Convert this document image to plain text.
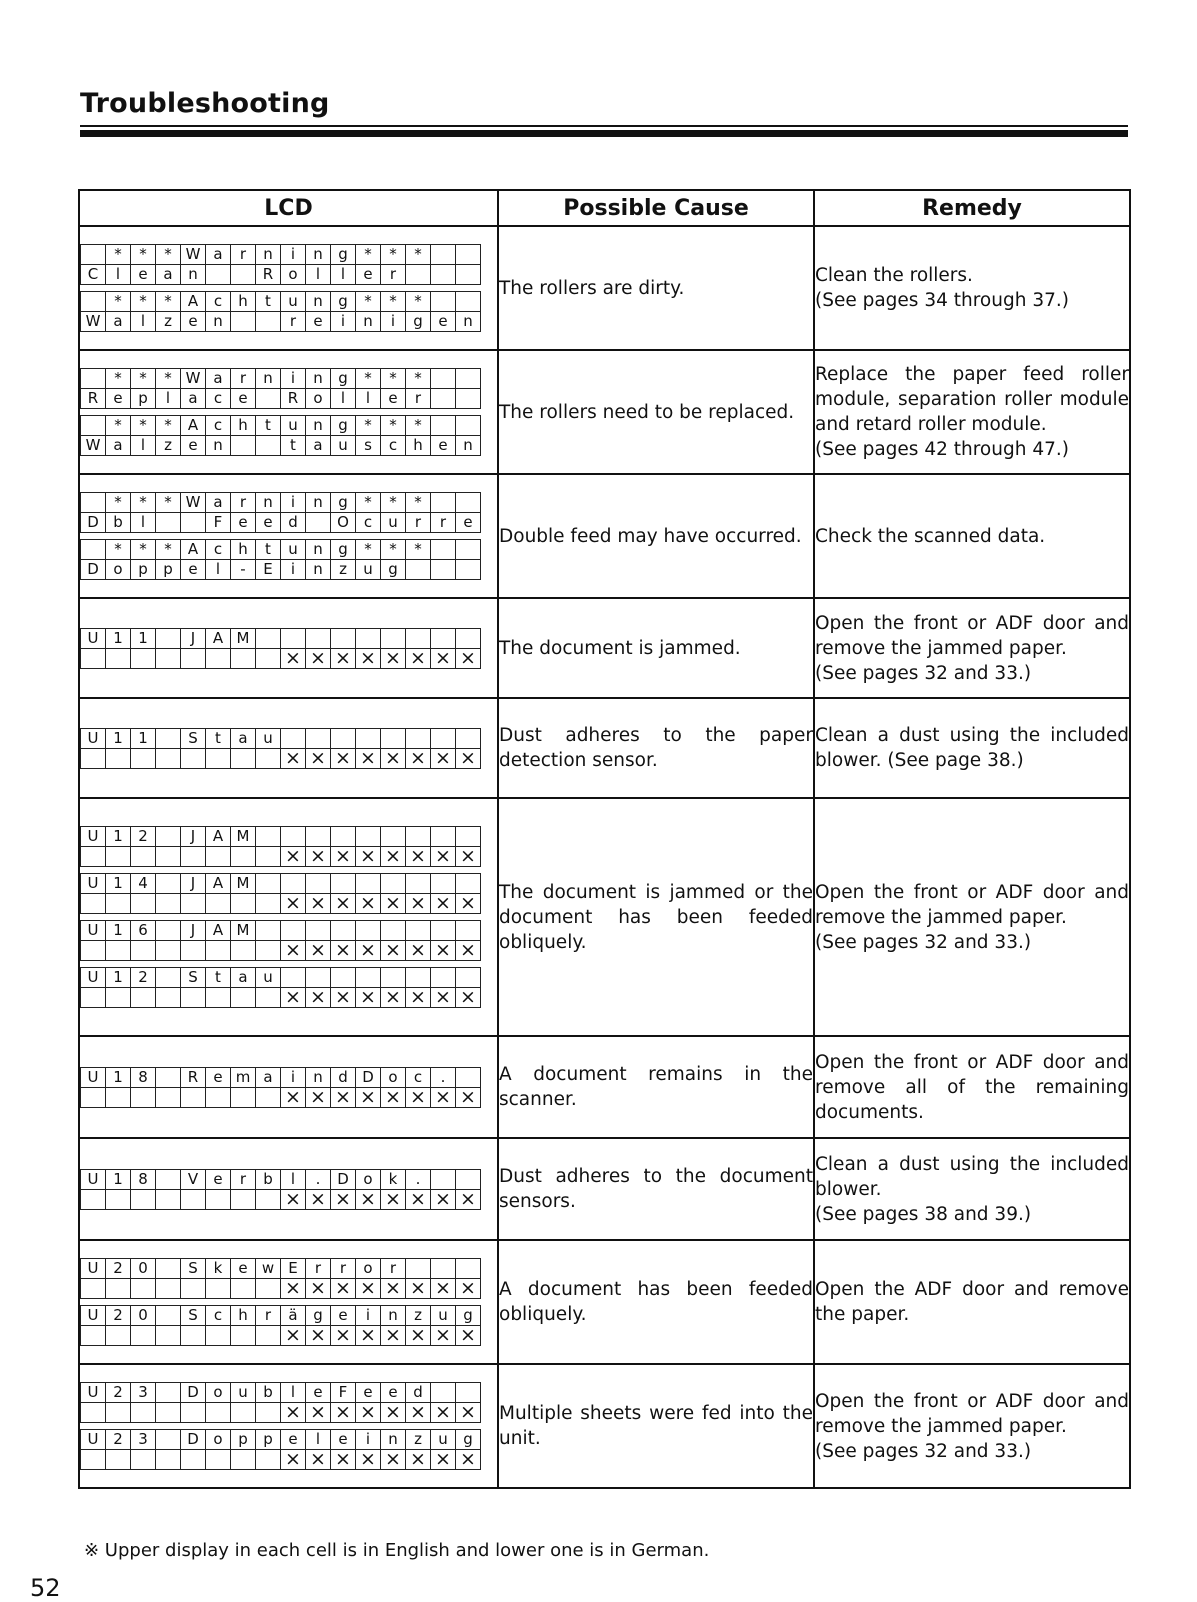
Troubleshooting
LCD	Possible Cause	Remedy

	*	*	*	W	a	r	n	i	n	g	*	*	*		
C	l	e	a	n			R	o	l	l	e	r			
	*	*	*	A	c	h	t	u	n	g	*	*	*		
W	a	l	z	e	n			r	e	i	n	i	g	e	n
	The rollers are dirty.	Clean the rollers.
(See pages 34 through 37.)

	*	*	*	W	a	r	n	i	n	g	*	*	*		
R	e	p	l	a	c	e		R	o	l	l	e	r		
	*	*	*	A	c	h	t	u	n	g	*	*	*		
W	a	l	z	e	n			t	a	u	s	c	h	e	n
	The rollers need to be replaced.	Replace the paper feed roller module, separation roller module and retard roller module.
(See pages 42 through 47.)

	*	*	*	W	a	r	n	i	n	g	*	*	*		
D	b	l			F	e	e	d		O	c	u	r	r	e
	*	*	*	A	c	h	t	u	n	g	*	*	*		
D	o	p	p	e	l	-	E	i	n	z	u	g			
	Double feed may have occurred.	Check the scanned data.

U	1	1		J	A	M									
								×	×	×	×	×	×	×	×
	The document is jammed.	Open the front or ADF door and remove the jammed paper.
(See pages 32 and 33.)

U	1	1		S	t	a	u								
								×	×	×	×	×	×	×	×
	Dust adheres to the paper detection sensor.	Clean a dust using the included blower. (See page 38.)

U	1	2		J	A	M									
								×	×	×	×	×	×	×	×
U	1	4		J	A	M									
								×	×	×	×	×	×	×	×
U	1	6		J	A	M									
								×	×	×	×	×	×	×	×
U	1	2		S	t	a	u								
								×	×	×	×	×	×	×	×
	The document is jammed or the document has been feeded obliquely.	Open the front or ADF door and remove the jammed paper.
(See pages 32 and 33.)

U	1	8		R	e	m	a	i	n	d	D	o	c	.	
								×	×	×	×	×	×	×	×
	A document remains in the scanner.	Open the front or ADF door and remove all of the remaining documents.

U	1	8		V	e	r	b	l	.	D	o	k	.		
								×	×	×	×	×	×	×	×
	Dust adheres to the document sensors.	Clean a dust using the included blower.
(See pages 38 and 39.)

U	2	0		S	k	e	w	E	r	r	o	r			
								×	×	×	×	×	×	×	×
U	2	0		S	c	h	r	ä	g	e	i	n	z	u	g
								×	×	×	×	×	×	×	×
	A document has been feeded obliquely.	Open the ADF door and remove the paper.

U	2	3		D	o	u	b	l	e	F	e	e	d		
								×	×	×	×	×	×	×	×
U	2	3		D	o	p	p	e	l	e	i	n	z	u	g
								×	×	×	×	×	×	×	×
	Multiple sheets were fed into the unit.	Open the front or ADF door and remove the jammed paper.
(See pages 32 and 33.)
※ Upper display in each cell is in English and lower one is in German.
52
